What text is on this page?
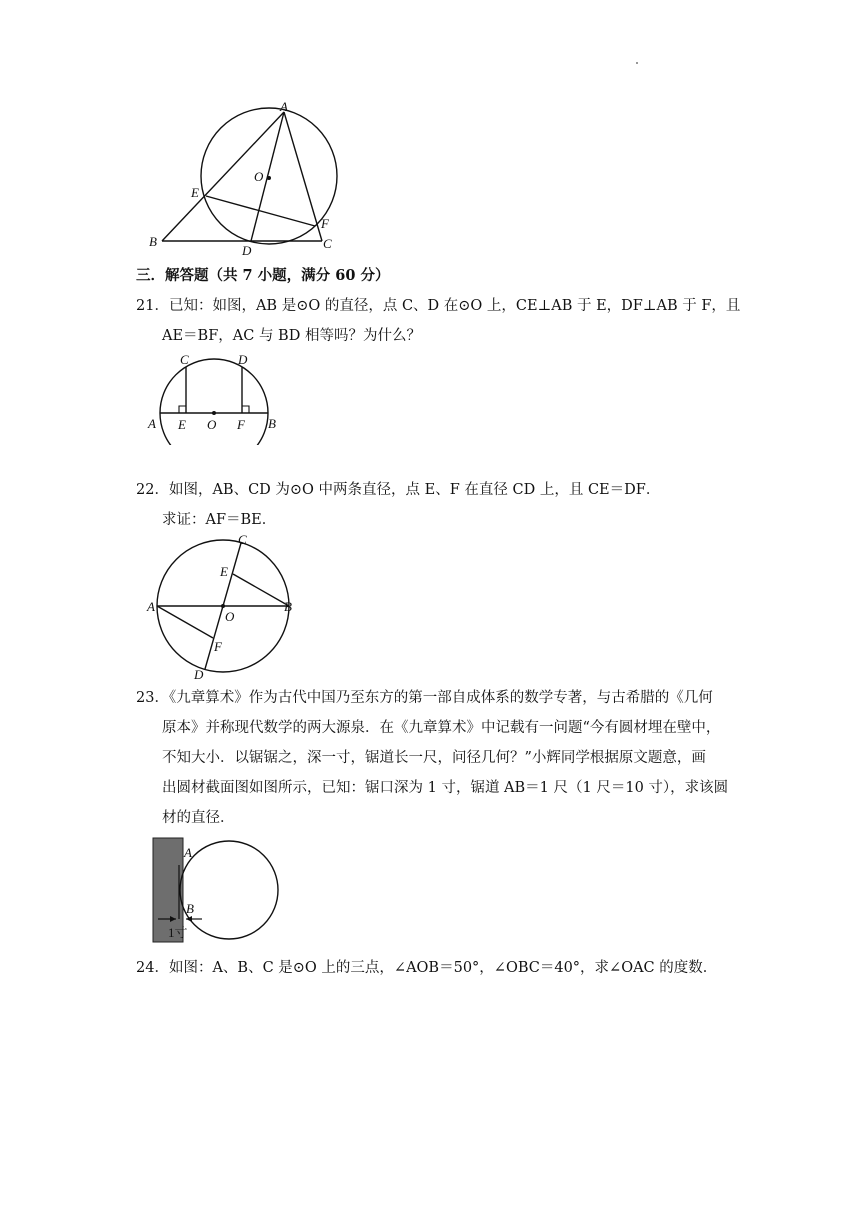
A
O
E
F
B
D	C
三．解答题（共 7 小题，满分 60 分）
21．已知：如图，AB 是⊙O 的直径，点 C、D 在⊙O 上，CE⊥AB 于 E，DF⊥AB 于 F，且
AE＝BF，AC 与 BD 相等吗？为什么？
C	D
A E O F B
22．如图，AB、CD 为⊙O 中两条直径，点 E、F 在直径 CD 上，且 CE＝DF．
求证：AF＝BE．
C
E
A
O
B
F
D
23．《九章算术》作为古代中国乃至东方的第一部自成体系的数学专著，与古希腊的《几何
原本》并称现代数学的两大源泉．在《九章算术》中记载有一问题“今有圆材埋在壁中，
不知大小．以锯锯之，深一寸，锯道长一尺，问径几何？”小辉同学根据原文题意，画
出圆材截面图如图所示，已知：锯口深为 1 寸，锯道 AB＝1 尺（1 尺＝10 寸），求该圆
材的直径．
A
B
1寸
24．如图：A、B、C 是⊙O 上的三点，∠AOB＝50°，∠OBC＝40°，求∠OAC 的度数．
